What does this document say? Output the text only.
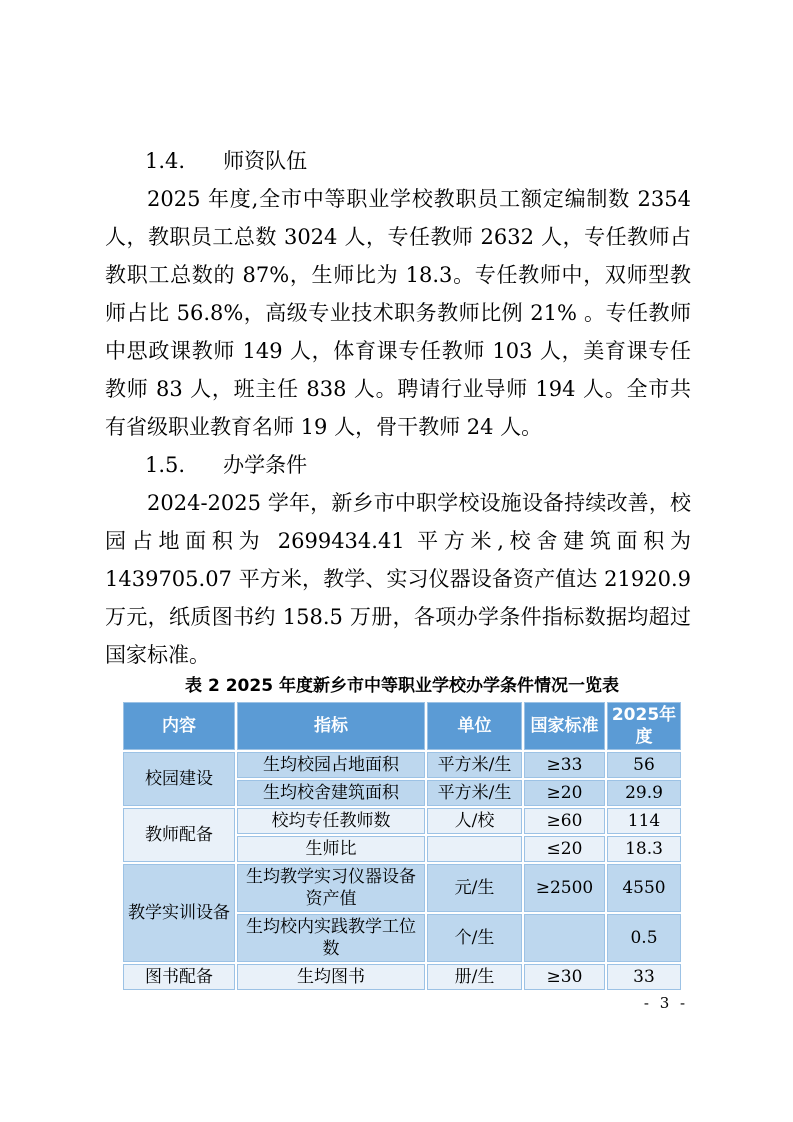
1.4. 师资队伍

2025 年度,全市中等职业学校教职员工额定编制数 2354 人，教职员工总数 3024 人，专任教师 2632 人，专任教师占教职工总数的 87%，生师比为 18.3。专任教师中，双师型教师占比 56.8%，高级专业技术职务教师比例 21% 。专任教师中思政课教师 149 人，体育课专任教师 103 人，美育课专任教师 83 人，班主任 838 人。聘请行业导师 194 人。全市共有省级职业教育名师 19 人，骨干教师 24 人。

1.5. 办学条件

2024-2025 学年，新乡市中职学校设施设备持续改善，校园占地面积为 2699434.41 平方米,校舍建筑面积为 1439705.07 平方米，教学、实习仪器设备资产值达 21920.9 万元，纸质图书约 158.5 万册，各项办学条件指标数据均超过国家标准。

表 2 2025 年度新乡市中等职业学校办学条件情况一览表
内容	指标	单位	国家标准	2025年度
校园建设	生均校园占地面积	平方米/生	≥33	56
	生均校舍建筑面积	平方米/生	≥20	29.9
教师配备	校均专任教师数	人/校	≥60	114
	生师比		≤20	18.3
教学实训设备	生均教学实习仪器设备资产值	元/生	≥2500	4550
	生均校内实践教学工位数	个/生		0.5
图书配备	生均图书	册/生	≥30	33
- 3 -
